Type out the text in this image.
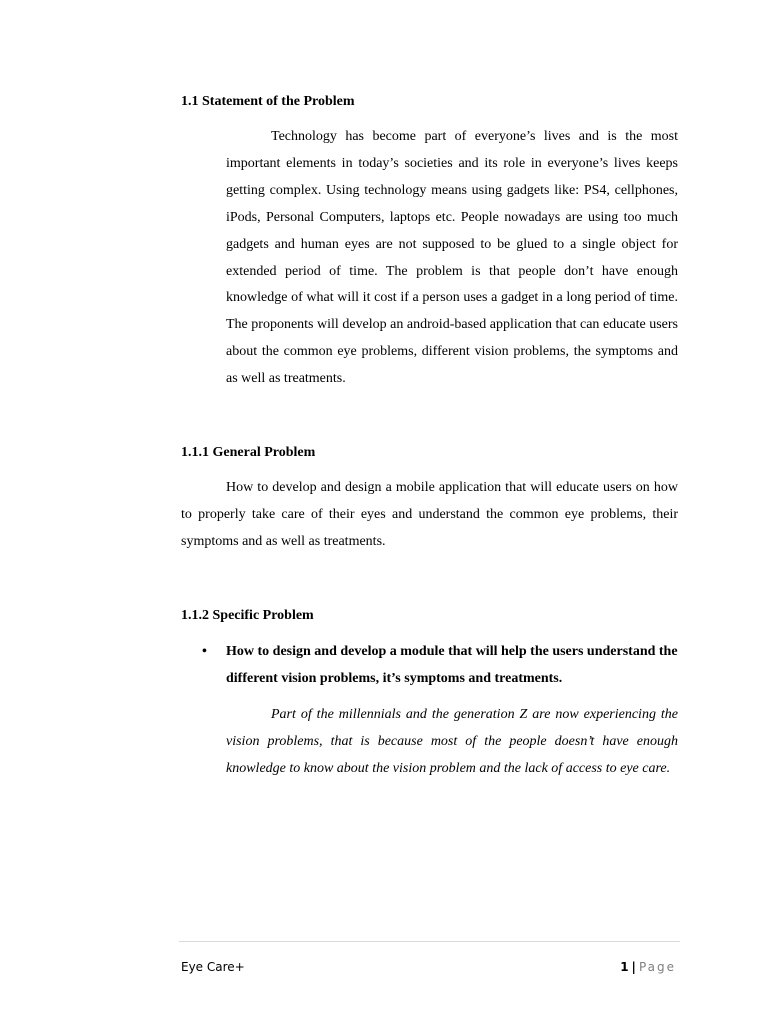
1.1 Statement of the Problem
Technology has become part of everyone’s lives and is the most important elements in today’s societies and its role in everyone’s lives keeps getting complex. Using technology means using gadgets like: PS4, cellphones, iPods, Personal Computers, laptops etc. People nowadays are using too much gadgets and human eyes are not supposed to be glued to a single object for extended period of time. The problem is that people don’t have enough knowledge of what will it cost if a person uses a gadget in a long period of time. The proponents will develop an android-based application that can educate users about the common eye problems, different vision problems, the symptoms and as well as treatments.
1.1.1 General Problem
How to develop and design a mobile application that will educate users on how to properly take care of their eyes and understand the common eye problems, their symptoms and as well as treatments.
1.1.2 Specific Problem
• How to design and develop a module that will help the users understand the different vision problems, it’s symptoms and treatments.
Part of the millennials and the generation Z are now experiencing the vision problems, that is because most of the people doesn’t have enough knowledge to know about the vision problem and the lack of access to eye care.
Eye Care+	1 | Page
